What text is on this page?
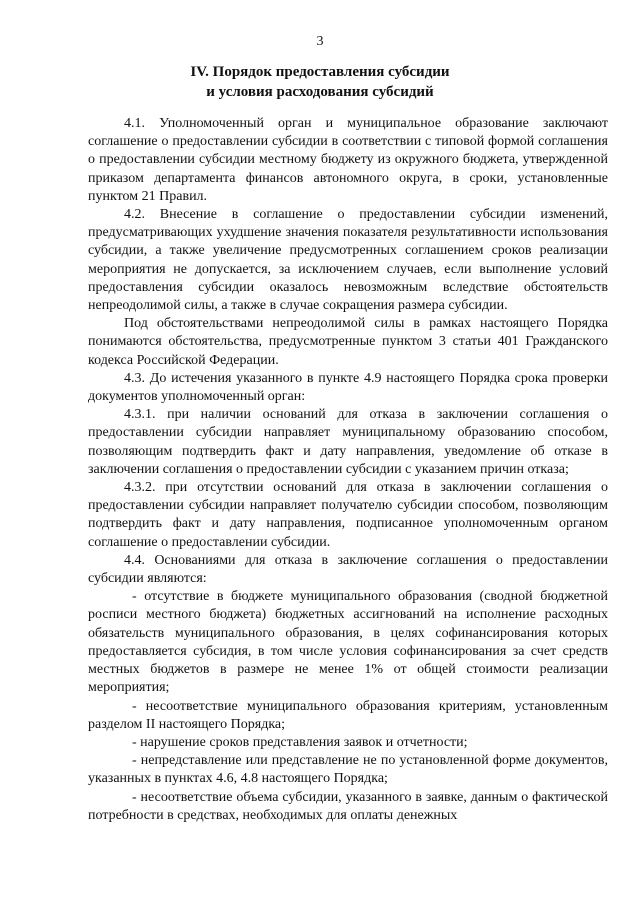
3
IV. Порядок предоставления субсидии
и условия расходования субсидий

4.1. Уполномоченный орган и муниципальное образование заключают соглашение о предоставлении субсидии в соответствии с типовой формой соглашения о предоставлении субсидии местному бюджету из окружного бюджета, утвержденной приказом департамента финансов автономного округа, в сроки, установленные пунктом 21 Правил.

4.2. Внесение в соглашение о предоставлении субсидии изменений, предусматривающих ухудшение значения показателя результативности использования субсидии, а также увеличение предусмотренных соглашением сроков реализации мероприятия не допускается, за исключением случаев, если выполнение условий предоставления субсидии оказалось невозможным вследствие обстоятельств непреодолимой силы, а также в случае сокращения размера субсидии.

Под обстоятельствами непреодолимой силы в рамках настоящего Порядка понимаются обстоятельства, предусмотренные пунктом 3 статьи 401 Гражданского кодекса Российской Федерации.

4.3. До истечения указанного в пункте 4.9 настоящего Порядка срока проверки документов уполномоченный орган:

4.3.1. при наличии оснований для отказа в заключении соглашения о предоставлении субсидии направляет муниципальному образованию способом, позволяющим подтвердить факт и дату направления, уведомление об отказе в заключении соглашения о предоставлении субсидии с указанием причин отказа;

4.3.2. при отсутствии оснований для отказа в заключении соглашения о предоставлении субсидии направляет получателю субсидии способом, позволяющим подтвердить факт и дату направления, подписанное уполномоченным органом соглашение о предоставлении субсидии.

4.4. Основаниями для отказа в заключение соглашения о предоставлении субсидии являются:

- отсутствие в бюджете муниципального образования (сводной бюджетной росписи местного бюджета) бюджетных ассигнований на исполнение расходных обязательств муниципального образования, в целях софинансирования которых предоставляется субсидия, в том числе условия софинансирования за счет средств местных бюджетов в размере не менее 1% от общей стоимости реализации мероприятия;

- несоответствие муниципального образования критериям, установленным разделом II настоящего Порядка;

- нарушение сроков представления заявок и отчетности;

- непредставление или представление не по установленной форме документов, указанных в пунктах 4.6, 4.8 настоящего Порядка;

- несоответствие объема субсидии, указанного в заявке, данным о фактической потребности в средствах, необходимых для оплаты денежных
